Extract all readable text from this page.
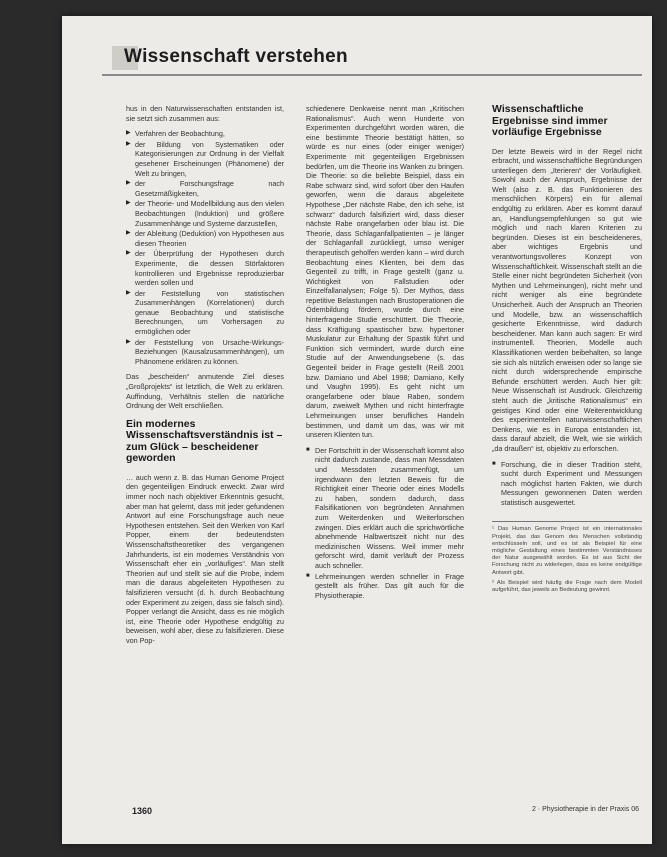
Wissenschaft verstehen

hus in den Naturwissenschaften entstanden ist, sie setzt sich zusammen aus:

▶ Verfahren der Beobachtung,
▶ der Bildung von Systematiken oder Kategorisierungen zur Ordnung in der Vielfalt gesehener Erscheinungen (Phänomene) der Welt zu bringen,
▶ der Forschungsfrage nach Gesetzmäßigkeiten,
▶ der Theorie- und Modellbildung aus den vielen Beobachtungen (Induktion) und größere Zusammenhänge und Systeme darzustellen,
▶ der Ableitung (Deduktion) von Hypothesen aus diesen Theorien
▶ der Überprüfung der Hypothesen durch Experimente, die dessen Störfaktoren kontrollieren und Ergebnisse reproduzierbar werden sollen und
▶ der Feststellung von statistischen Zusammenhängen (Korrelationen) durch genaue Beobachtung und statistische Berechnungen, um Vorhersagen zu ermöglichen oder
▶ der Feststellung von Ursache-Wirkungs-Beziehungen (Kausalzusammenhängen), um Phänomene erklären zu können.

Das „bescheiden“ anmutende Ziel dieses „Großprojekts“ ist letztlich, die Welt zu erklären. Auffindung, Verhältnis stellen die natürliche Ordnung der Welt erschließen.

Ein modernes Wissenschaftsverständnis ist – zum Glück – bescheidener geworden

… auch wenn z. B. das Human Genome Project den gegenteiligen Eindruck erweckt. Zwar wird immer noch nach objektiver Erkenntnis gesucht, aber man hat gelernt, dass mit jeder gefundenen Antwort auf eine Forschungsfrage auch neue Hypothesen entstehen. Seit den Werken von Karl Popper, einem der bedeutendsten Wissenschaftstheoretiker des vergangenen Jahrhunderts, ist ein modernes Verständnis von Wissenschaft eher ein „vorläufiges“. Man stellt Theorien auf und stellt sie auf die Probe, indem man die daraus abgeleiteten Hypothesen zu falsifizieren versucht (d. h. durch Beobachtung oder Experiment zu zeigen, dass sie falsch sind). Popper verlangt die Ansicht, dass es nie möglich ist, eine Theorie oder Hypothese endgültig zu beweisen, wohl aber, diese zu falsifizieren. Diese von Pop-

schiedenere Denkweise nennt man „Kritischen Rationalismus“. Auch wenn Hunderte von Experimenten durchgeführt worden wären, die eine bestimmte Theorie bestätigt hätten, so würde es nur eines (oder einiger weniger) Experimente mit gegenteiligen Ergebnissen bedürfen, um die Theorie ins Wanken zu bringen. Die Theorie: so die beliebte Beispiel, dass ein Rabe schwarz sind, wird sofort über den Haufen geworfen, wenn die daraus abgeleitete Hypothese „Der nächste Rabe, den ich sehe, ist schwarz“ dadurch falsifiziert wird, dass dieser nächste Rabe orangefarben oder blau ist. Die Theorie, dass Schlaganfallpatienten – je länger der Schlaganfall zurückliegt, umso weniger therapeutisch geholfen werden kann – wird durch Beobachtung eines Klienten, bei dem das Gegenteil zu trifft, in Frage gestellt (ganz u. Wichtigkeit von Fallstudien oder Einzelfallanalysen; Folge 5). Der Mythos, dass repetitive Belastungen nach Brustoperationen die Ödembildung fördern, wurde durch eine hinterfragende Studie erschüttert. Die Theorie, dass Kräftigung spastischer bzw. hypertoner Muskulatur zur Erhaltung der Spastik führt und Funktion sich vermindert, wurde durch eine Studie auf der Anwendungsebene (s. das Gegenteil beider in Frage gestellt (Reiß 2001 bzw. Damiano und Abel 1998; Damiano, Kelly und Vaughn 1995). Es geht nicht um orangefarbene oder blaue Raben, sondern darum, zweiwelt Mythen und nicht hinterfragte Lehrmeinungen unser berufliches Handeln bestimmen, und damit um das, was wir mit unseren Klienten tun.

■ Der Fortschritt in der Wissenschaft kommt also nicht dadurch zustande, dass man Messdaten und Messdaten zusammenfügt, um irgendwann den letzten Beweis für die Richtigkeit einer Theorie oder eines Modells zu haben, sondern dadurch, dass Falsifikationen von begründeten Annahmen zum Weiterdenken und Weiterforschen zwingen. Dies erklärt auch die sprichwörtliche abnehmende Halbwertszeit nicht nur des medizinischen Wissens. Weil immer mehr geforscht wird, damit verläuft der Prozess auch schneller.
■ Lehrmeinungen werden schneller in Frage gestellt als früher. Das gilt auch für die Physiotherapie.
Wissenschaftliche Ergebnisse sind immer vorläufige Ergebnisse

Der letzte Beweis wird in der Regel nicht erbracht, und wissenschaftliche Begründungen unterliegen dem „Iterieren“ der Vorläufigkeit. Sowohl auch der Anspruch, Ergebnisse der Welt (also z. B. das Funktionieren des menschlichen Körpers) ein für allemal endgültig zu erklären. Aber es kommt darauf an, Handlungsempfehlungen so gut wie möglich und nach klaren Kriterien zu begründen. Dieses ist ein bescheideneres, aber wichtiges Ergebnis und verantwortungsvolleres Konzept von Wissenschaftlichkeit. Wissenschaft stellt an die Stelle einer nicht begründeten Sicherheit (von Mythen und Lehrmeinungen), nicht mehr und nicht weniger als eine begründete Unsicherheit. Auch der Anspruch an Theorien und Modelle, bzw. an wissenschaftlich gesicherte Erkenntnisse, wird dadurch bescheidener. Man kann auch sagen: Er wird instrumentell. Theorien, Modelle auch Klassifikationen werden beibehalten, so lange sie sich als nützlich erweisen oder so lange sie nicht durch widersprechende empirische Befunde erschüttert werden. Auch hier gilt: Neue Wissenschaft ist Ausdruck. Gleichzeitig steht auch die „kritische Rationalismus“ ein geistiges Kind oder eine Weiterentwicklung des experimentellen naturwissenschaftlichen Denkens, wie es in Europa entstanden ist, dass darauf abzielt, die Welt, wie sie wirklich „da draußen“ ist, objektiv zu erforschen.

■ Forschung, die in dieser Tradition steht, sucht durch Experiment und Messungen nach möglichst harten Fakten, wie durch Messungen gewonnenen Daten werden statistisch ausgewertet.

¹ Das Human Genome Project ist ein internationales Projekt, das das Genom des Menschen vollständig entschlüsseln soll, und es ist als Beispiel für eine mögliche Gestaltung eines bestimmten Verständnisses der Natur ausgewählt worden. Es ist aus Sicht der Forschung nicht zu widerlegen, dass es keine endgültige Antwort gibt.

² Als Beispiel wird häufig die Frage nach dem Modell aufgeführt, das jeweils an Bedeutung gewinnt.

1360	2 · Physiotherapie in der Praxis 06
